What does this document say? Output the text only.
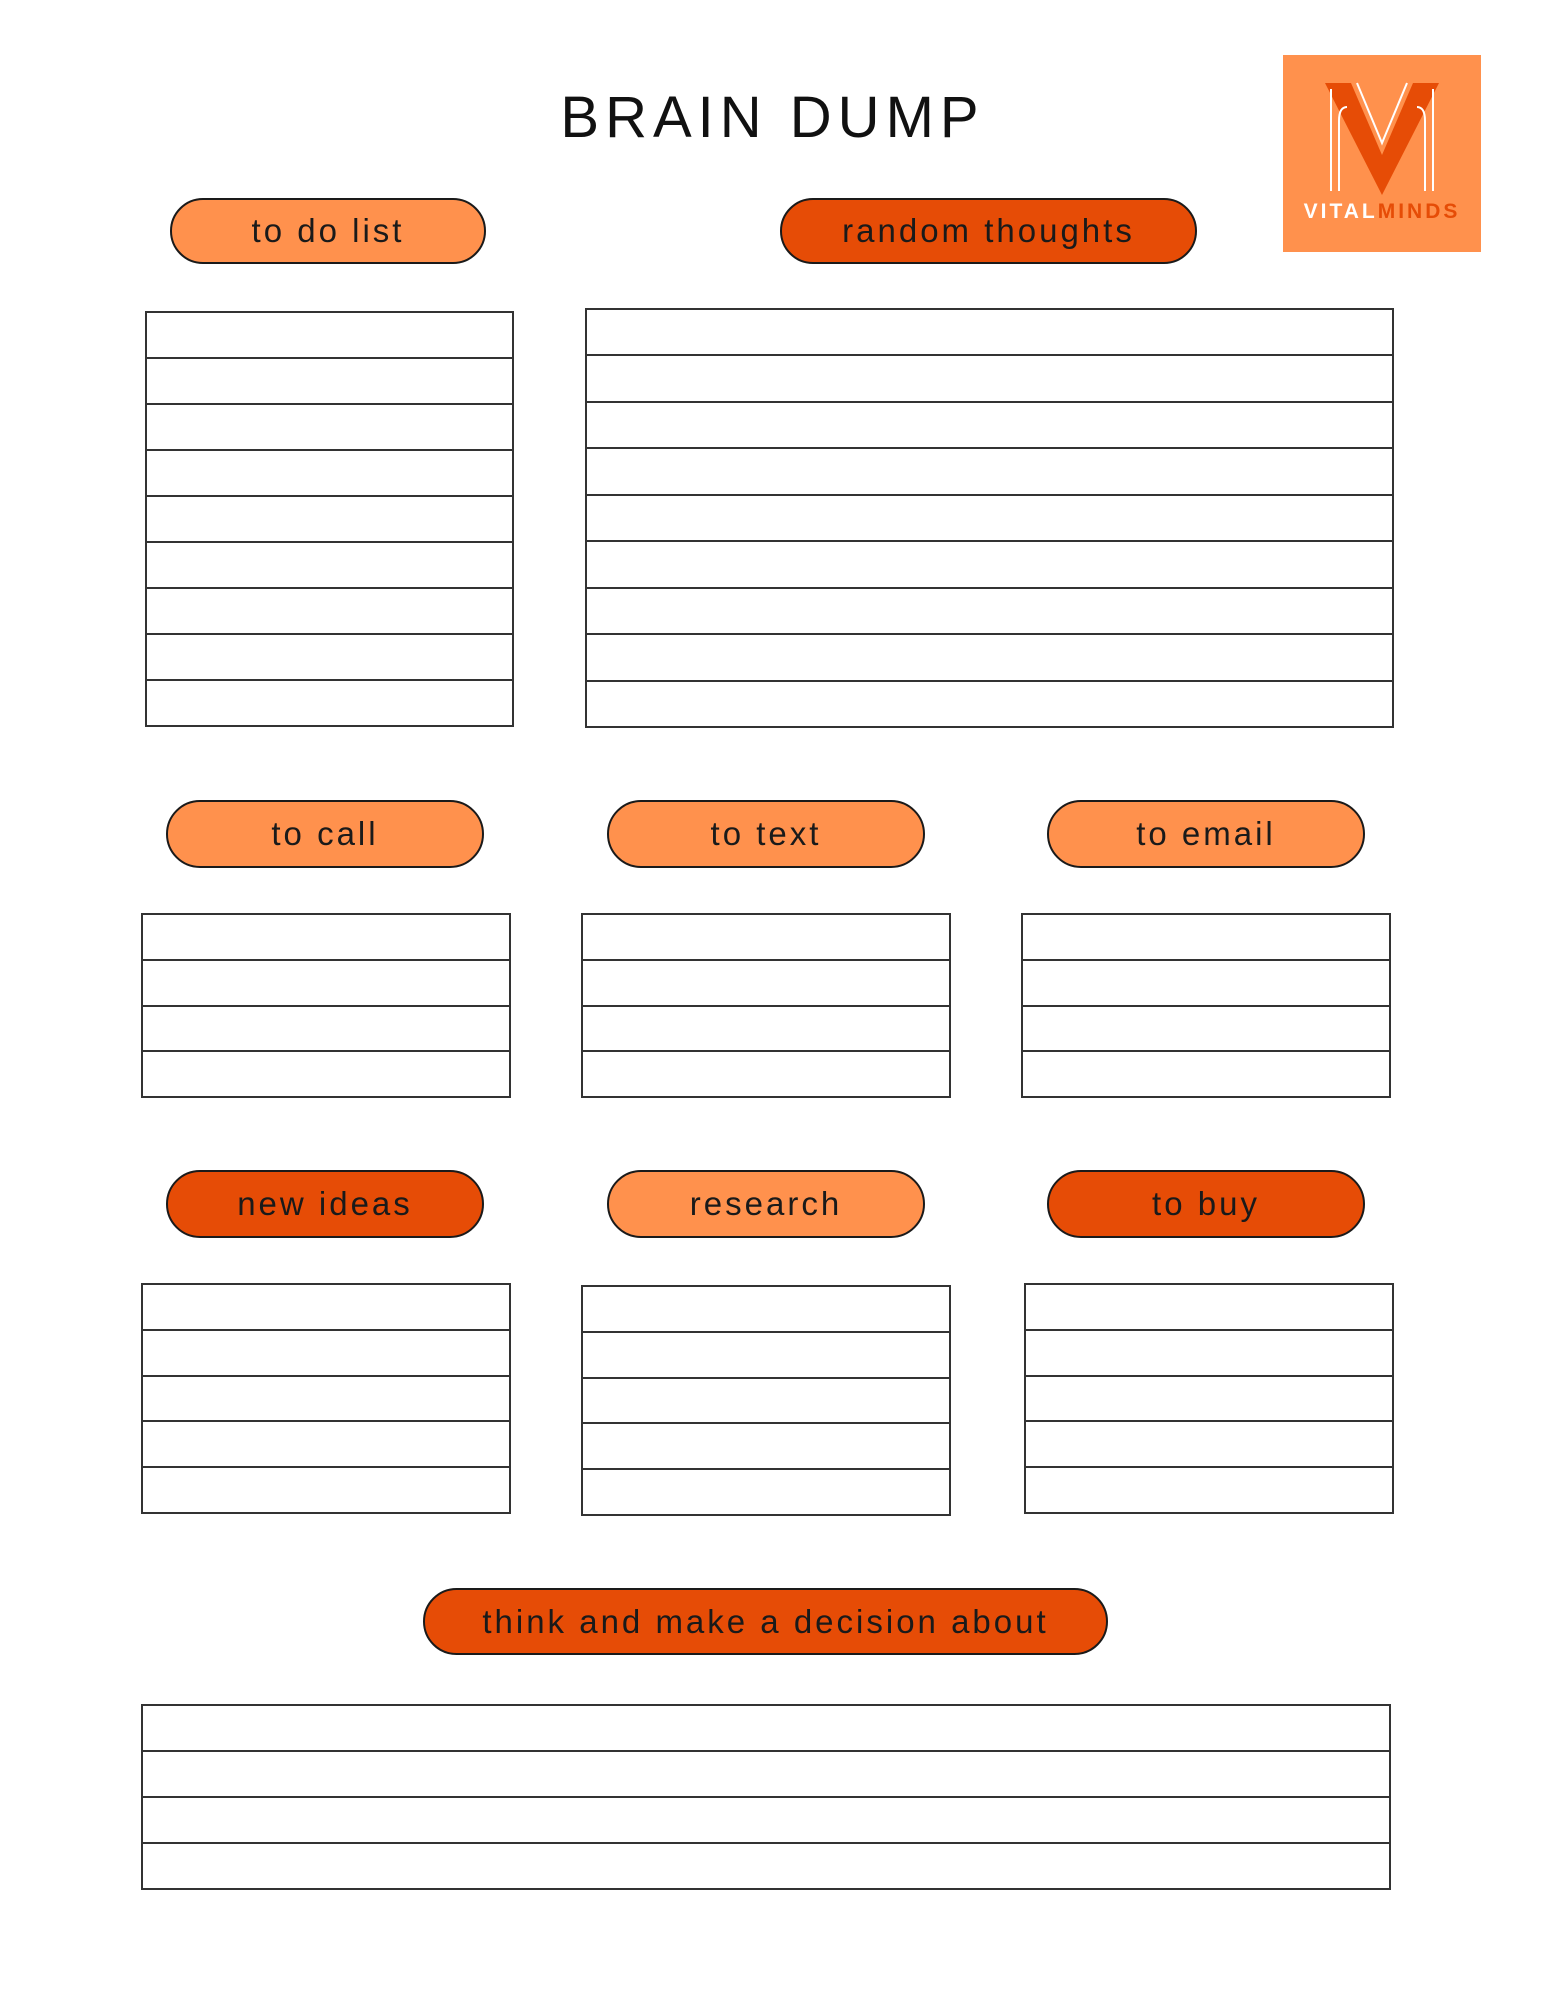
BRAIN DUMP
VITALMINDS
to do list	random thoughts
to call	to text	to email
new ideas	research	to buy
think and make a decision about
